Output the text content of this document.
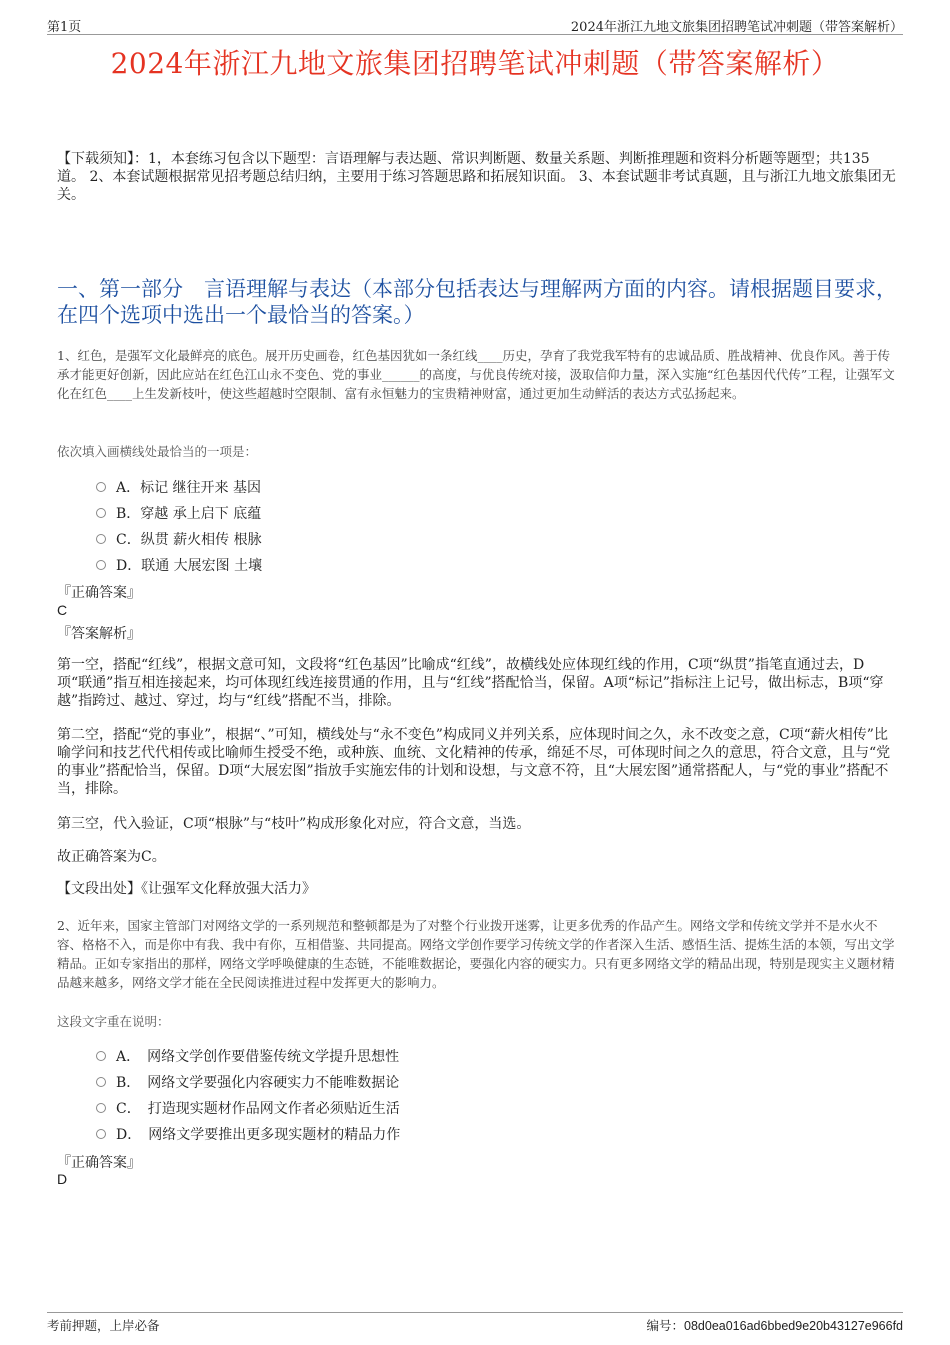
第1页	2024年浙江九地文旅集团招聘笔试冲刺题（带答案解析）
2024年浙江九地文旅集团招聘笔试冲刺题（带答案解析）
【下载须知】：1，本套练习包含以下题型：言语理解与表达题、常识判断题、数量关系题、判断推理题和资料分析题等题型；共135道。 2、本套试题根据常见招考题总结归纳，主要用于练习答题思路和拓展知识面。 3、本套试题非考试真题，且与浙江九地文旅集团无关。
一、第一部分　言语理解与表达（本部分包括表达与理解两方面的内容。请根据题目要求，在四个选项中选出一个最恰当的答案。）
1、红色，是强军文化最鲜亮的底色。展开历史画卷，红色基因犹如一条红线____历史，孕育了我党我军特有的忠诚品质、胜战精神、优良作风。善于传承才能更好创新，因此应站在红色江山永不变色、党的事业______的高度，与优良传统对接，汲取信仰力量，深入实施“红色基因代代传”工程，让强军文化在红色____上生发新枝叶，使这些超越时空限制、富有永恒魅力的宝贵精神财富，通过更加生动鲜活的表达方式弘扬起来。
依次填入画横线处最恰当的一项是：
A．标记 继往开来 基因
B．穿越 承上启下 底蕴
C．纵贯 薪火相传 根脉
D．联通 大展宏图 土壤
『正确答案』
C
『答案解析』
第一空，搭配“红线”，根据文意可知，文段将“红色基因”比喻成“红线”，故横线处应体现红线的作用，C项“纵贯”指笔直通过去，D项“联通”指互相连接起来，均可体现红线连接贯通的作用，且与“红线”搭配恰当，保留。A项“标记”指标注上记号，做出标志，B项“穿越”指跨过、越过、穿过，均与“红线”搭配不当，排除。
第二空，搭配“党的事业”，根据“、”可知，横线处与“永不变色”构成同义并列关系，应体现时间之久，永不改变之意，C项“薪火相传”比喻学问和技艺代代相传或比喻师生授受不绝，或种族、血统、文化精神的传承，绵延不尽，可体现时间之久的意思，符合文意，且与“党的事业”搭配恰当，保留。D项“大展宏图”指放手实施宏伟的计划和设想，与文意不符，且“大展宏图”通常搭配人，与“党的事业”搭配不当，排除。
第三空，代入验证，C项“根脉”与“枝叶”构成形象化对应，符合文意，当选。
故正确答案为C。
【文段出处】《让强军文化释放强大活力》
2、近年来，国家主管部门对网络文学的一系列规范和整顿都是为了对整个行业拨开迷雾，让更多优秀的作品产生。网络文学和传统文学并不是水火不容、格格不入，而是你中有我、我中有你，互相借鉴、共同提高。网络文学创作要学习传统文学的作者深入生活、感悟生活、提炼生活的本领，写出文学精品。正如专家指出的那样，网络文学呼唤健康的生态链，不能唯数据论，要强化内容的硬实力。只有更多网络文学的精品出现，特别是现实主义题材精品越来越多，网络文学才能在全民阅读推进过程中发挥更大的影响力。
这段文字重在说明：
A．　网络文学创作要借鉴传统文学提升思想性
B．　网络文学要强化内容硬实力不能唯数据论
C．　打造现实题材作品网文作者必须贴近生活
D．　网络文学要推出更多现实题材的精品力作
『正确答案』
D
考前押题，上岸必备	编号：08d0ea016ad6bbed9e20b43127e966fd
